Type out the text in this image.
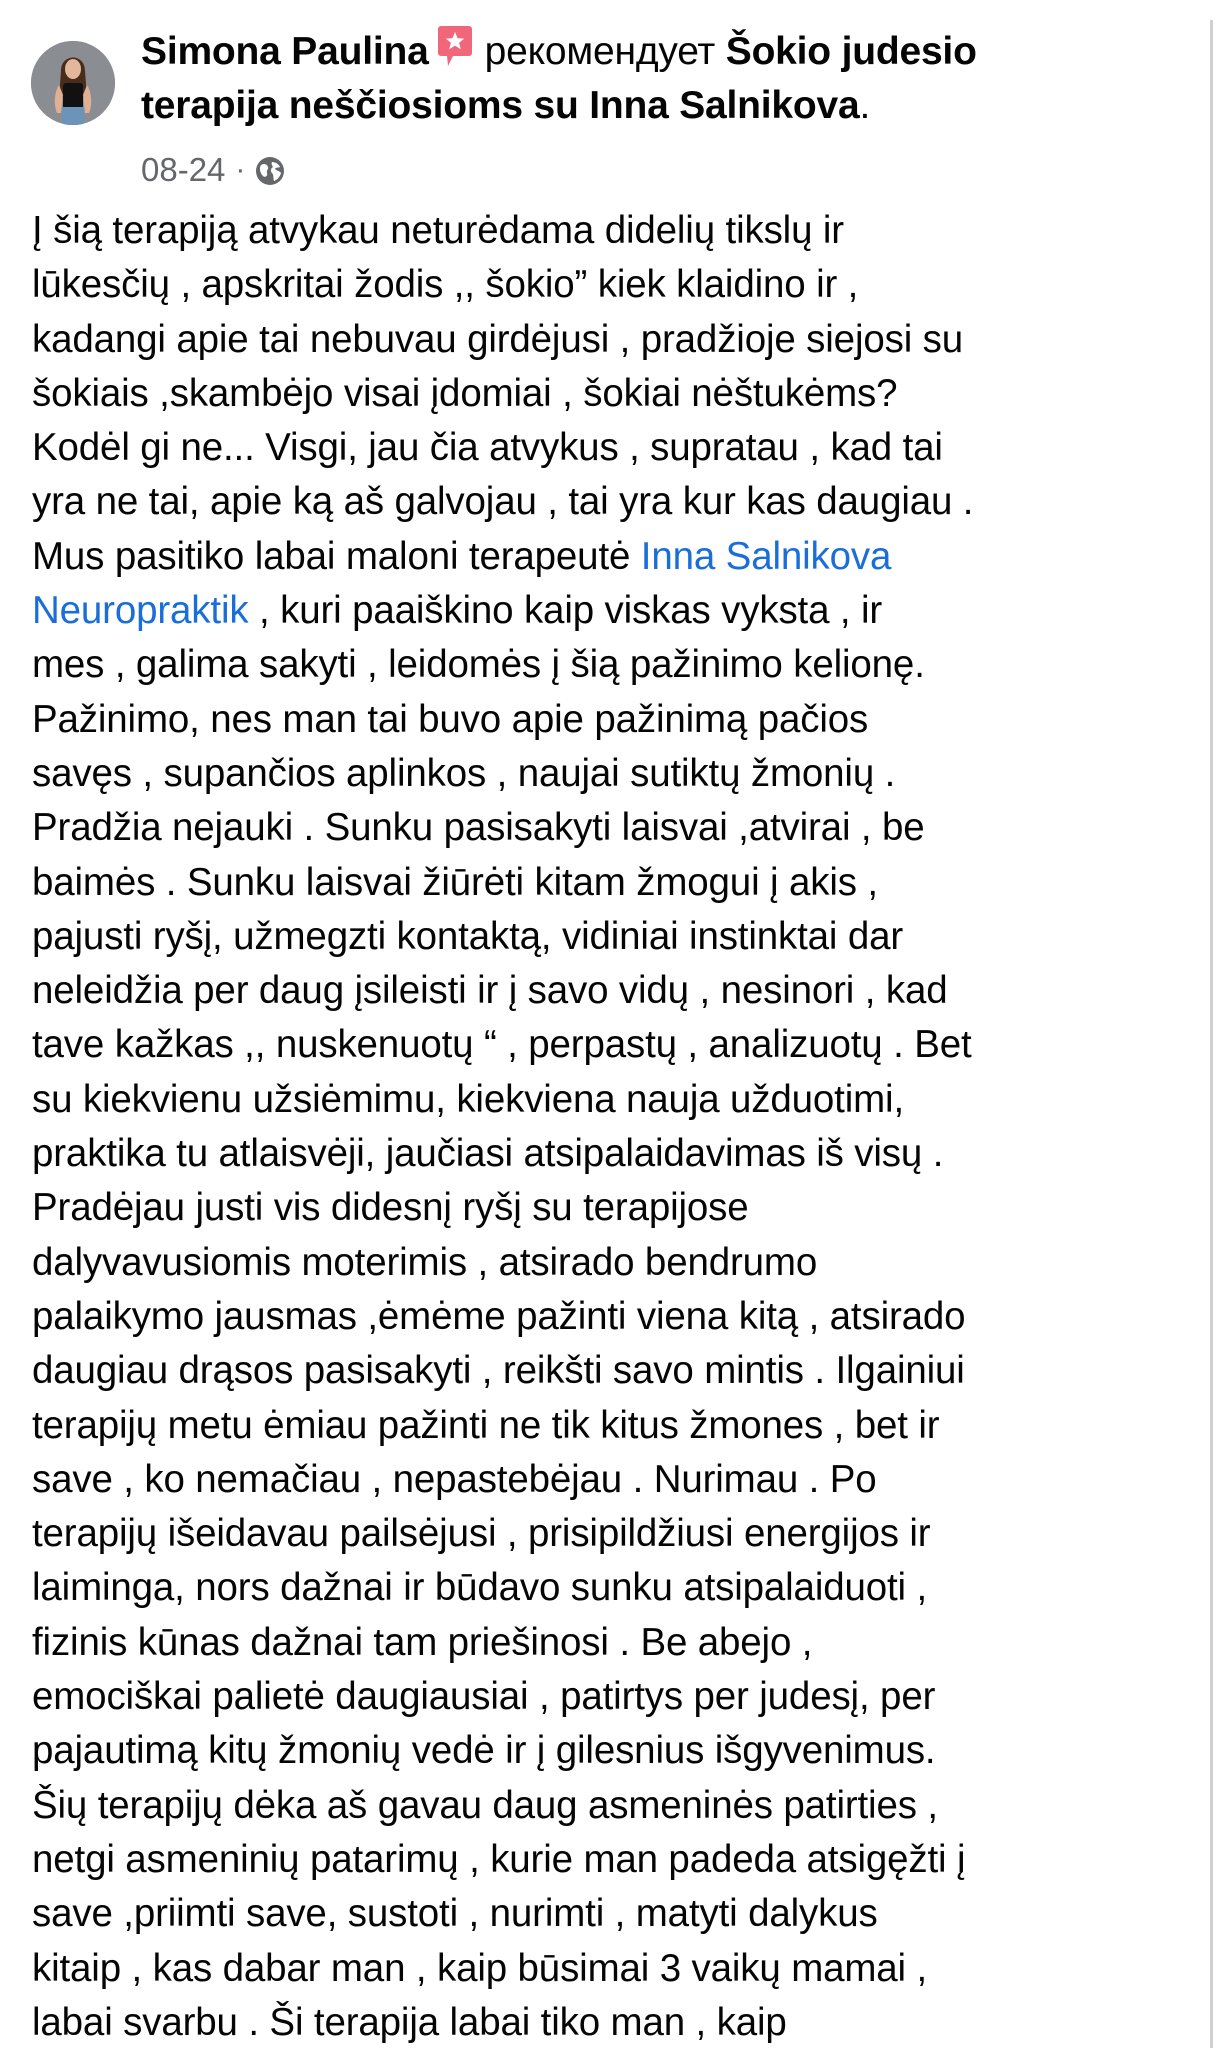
Simona Paulina рекомендует Šokio judesio
terapija neščiosioms su Inna Salnikova.
08-24 ·
Į šią terapiją atvykau neturėdama didelių tikslų ir
lūkesčių , apskritai žodis ,, šokio” kiek klaidino ir ,
kadangi apie tai nebuvau girdėjusi , pradžioje siejosi su
šokiais ,skambėjo visai įdomiai , šokiai nėštukėms?
Kodėl gi ne... Visgi, jau čia atvykus , supratau , kad tai
yra ne tai, apie ką aš galvojau , tai yra kur kas daugiau .
Mus pasitiko labai maloni terapeutė Inna Salnikova
Neuropraktik , kuri paaiškino kaip viskas vyksta , ir
mes , galima sakyti , leidomės į šią pažinimo kelionę.
Pažinimo, nes man tai buvo apie pažinimą pačios
savęs , supančios aplinkos , naujai sutiktų žmonių .
Pradžia nejauki . Sunku pasisakyti laisvai ,atvirai , be
baimės . Sunku laisvai žiūrėti kitam žmogui į akis ,
pajusti ryšį, užmegzti kontaktą, vidiniai instinktai dar
neleidžia per daug įsileisti ir į savo vidų , nesinori , kad
tave kažkas ,, nuskenuotų “ , perpastų , analizuotų . Bet
su kiekvienu užsiėmimu, kiekviena nauja užduotimi,
praktika tu atlaisvėji, jaučiasi atsipalaidavimas iš visų .
Pradėjau justi vis didesnį ryšį su terapijose
dalyvavusiomis moterimis , atsirado bendrumo
palaikymo jausmas ,ėmėme pažinti viena kitą , atsirado
daugiau drąsos pasisakyti , reikšti savo mintis . Ilgainiui
terapijų metu ėmiau pažinti ne tik kitus žmones , bet ir
save , ko nemačiau , nepastebėjau . Nurimau . Po
terapijų išeidavau pailsėjusi , prisipildžiusi energijos ir
laiminga, nors dažnai ir būdavo sunku atsipalaiduoti ,
fizinis kūnas dažnai tam priešinosi . Be abejo ,
emociškai palietė daugiausiai , patirtys per judesį, per
pajautimą kitų žmonių vedė ir į gilesnius išgyvenimus.
Šių terapijų dėka aš gavau daug asmeninės patirties ,
netgi asmeninių patarimų , kurie man padeda atsigęžti į
save ,priimti save, sustoti , nurimti , matyti dalykus
kitaip , kas dabar man , kaip būsimai 3 vaikų mamai ,
labai svarbu . Ši terapija labai tiko man , kaip
